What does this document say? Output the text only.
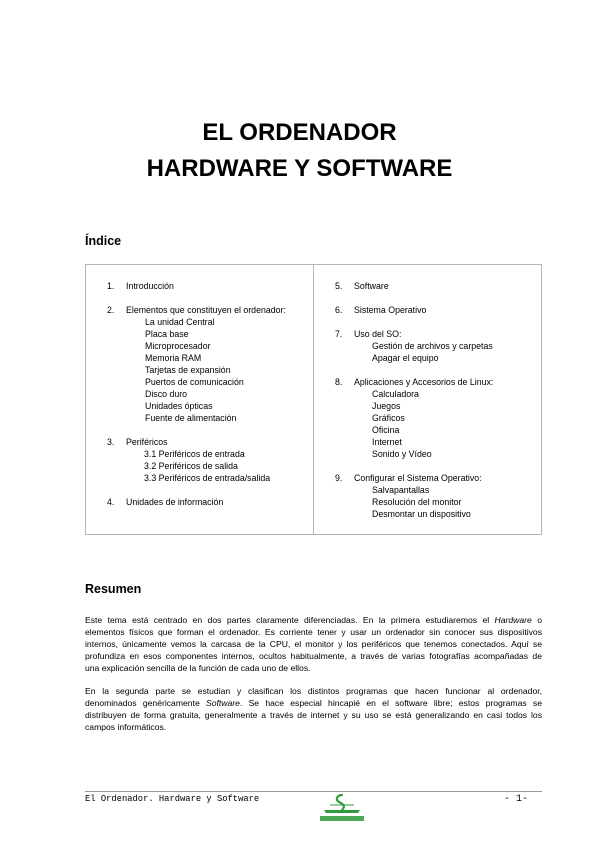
EL ORDENADOR
HARDWARE Y SOFTWARE
Índice
1. Introducción
2. Elementos que constituyen el ordenador:
La unidad Central
Placa base
Microprocesador
Memoria RAM
Tarjetas de expansión
Puertos de comunicación
Disco duro
Unidades ópticas
Fuente de alimentación
3. Periféricos
3.1 Periféricos de entrada
3.2 Periféricos de salida
3.3 Periféricos de entrada/salida
4. Unidades de información
5. Software
6. Sistema Operativo
7. Uso del SO:
Gestión de archivos y carpetas
Apagar el equipo
8. Aplicaciones y Accesorios de Linux:
Calculadora
Juegos
Gráficos
Oficina
Internet
Sonido y Vídeo
9. Configurar el Sistema Operativo:
Salvapantallas
Resolución del monitor
Desmontar un dispositivo
Resumen
Este tema está centrado en dos partes claramente diferenciadas. En la primera estudiaremos el Hardware o
elementos físicos que forman el ordenador. Es corriente tener y usar un ordenador sin conocer sus dispositivos
internos, únicamente vemos la carcasa de la CPU, el monitor y los periféricos que tenemos conectados. Aquí se
profundiza en esos componentes internos, ocultos habitualmente, a través de varias fotografías acompañadas de
una explicación sencilla de la función de cada uno de ellos.
En la segunda parte se estudian y clasifican los distintos programas que hacen funcionar al ordenador,
denominados genéricamente Software. Se hace especial hincapié en el software libre; estos programas se
distribuyen de forma gratuita, generalmente a través de internet y su uso se está generalizando en casi todos los
campos informáticos.
El Ordenador. Hardware y Software	- 1-
